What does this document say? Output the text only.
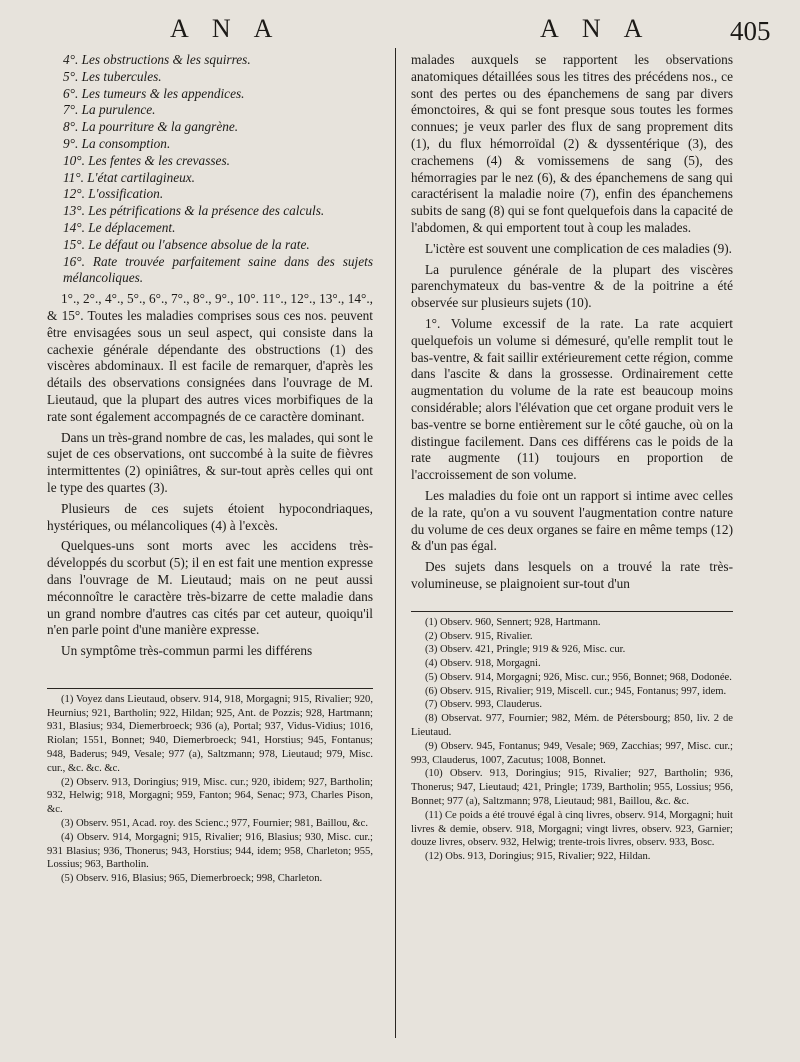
A N A	A N A	405

4°. Les obstructions & les squirres.

5°. Les tubercules.

6°. Les tumeurs & les appendices.

7°. La purulence.

8°. La pourriture & la gangrène.

9°. La consomption.

10°. Les fentes & les crevasses.

11°. L'état cartilagineux.

12°. L'ossification.

13°. Les pétrifications & la présence des calculs.

14°. Le déplacement.

15°. Le défaut ou l'absence absolue de la rate.

16°. Rate trouvée parfaitement saine dans des sujets mélancoliques.

1°., 2°., 4°., 5°., 6°., 7°., 8°., 9°., 10°. 11°., 12°., 13°., 14°., & 15°. Toutes les maladies comprises sous ces nos. peuvent être envisagées sous un seul aspect, qui consiste dans la cachexie générale dépendante des obstructions (1) des viscères abdominaux. Il est facile de remarquer, d'après les détails des observations consignées dans l'ouvrage de M. Lieutaud, que la plupart des autres vices morbifiques de la rate sont également accompagnés de ce caractère dominant.

Dans un très-grand nombre de cas, les malades, qui sont le sujet de ces observations, ont succombé à la suite de fièvres intermittentes (2) opiniâtres, & sur-tout après celles qui ont le type des quartes (3).

Plusieurs de ces sujets étoient hypocondriaques, hystériques, ou mélancoliques (4) à l'excès.

Quelques-uns sont morts avec les accidens très-développés du scorbut (5); il en est fait une mention expresse dans l'ouvrage de M. Lieutaud; mais on ne peut aussi méconnoître le caractère très-bizarre de cette maladie dans un grand nombre d'autres cas cités par cet auteur, quoiqu'il n'en parle point d'une manière expresse.

Un symptôme très-commun parmi les différens

(1) Voyez dans Lieutaud, observ. 914, 918, Morgagni; 915, Rivalier; 920, Heurnius; 921, Bartholin; 922, Hildan; 925, Ant. de Pozzis; 928, Hartmann; 931, Blasius; 934, Diemerbroeck; 936 (a), Portal; 937, Vidus-Vidius; 1016, Riolan; 1551, Bonnet; 940, Diemerbroeck; 941, Horstius; 945, Fontanus; 948, Baderus; 949, Vesale; 977 (a), Saltzmann; 978, Lieutaud; 979, Misc. cur., &c. &c. &c.

(2) Observ. 913, Doringius; 919, Misc. cur.; 920, ibidem; 927, Bartholin; 932, Helwig; 918, Morgagni; 959, Fanton; 964, Senac; 973, Charles Pison, &c.

(3) Observ. 951, Acad. roy. des Scienc.; 977, Fournier; 981, Baillou, &c.

(4) Observ. 914, Morgagni; 915, Rivalier; 916, Blasius; 930, Misc. cur.; 931 Blasius; 936, Thonerus; 943, Horstius; 944, idem; 958, Charleton; 955, Lossius; 963, Bartholin.

(5) Observ. 916, Blasius; 965, Diemerbroeck; 998, Charleton.

malades auxquels se rapportent les observations anatomiques détaillées sous les titres des précédens nos., ce sont des pertes ou des épanchemens de sang par divers émonctoires, & qui se font presque sous toutes les formes connues; je veux parler des flux de sang proprement dits (1), du flux hémorroïdal (2) & dyssentérique (3), des crachemens (4) & vomissemens de sang (5), des hémorragies par le nez (6), & des épanchemens de sang qui caractérisent la maladie noire (7), enfin des épanchemens subits de sang (8) qui se font quelquefois dans la capacité de l'abdomen, & qui emportent tout à coup les malades.

L'ictère est souvent une complication de ces maladies (9).

La purulence générale de la plupart des viscères parenchymateux du bas-ventre & de la poitrine a été observée sur plusieurs sujets (10).

1°. Volume excessif de la rate. La rate acquiert quelquefois un volume si démesuré, qu'elle remplit tout le bas-ventre, & fait saillir extérieurement cette région, comme dans l'ascite & dans la grossesse. Ordinairement cette augmentation du volume de la rate est beaucoup moins considérable; alors l'élévation que cet organe produit vers le bas-ventre se borne entièrement sur le côté gauche, où on la distingue facilement. Dans ces différens cas le poids de la rate augmente (11) toujours en proportion de l'accroissement de son volume.

Les maladies du foie ont un rapport si intime avec celles de la rate, qu'on a vu souvent l'augmentation contre nature du volume de ces deux organes se faire en même temps (12) & d'un pas égal.

Des sujets dans lesquels on a trouvé la rate très-volumineuse, se plaignoient sur-tout d'un

(1) Observ. 960, Sennert; 928, Hartmann.

(2) Observ. 915, Rivalier.

(3) Observ. 421, Pringle; 919 & 926, Misc. cur.

(4) Observ. 918, Morgagni.

(5) Observ. 914, Morgagni; 926, Misc. cur.; 956, Bonnet; 968, Dodonée.

(6) Observ. 915, Rivalier; 919, Miscell. cur.; 945, Fontanus; 997, idem.

(7) Observ. 993, Clauderus.

(8) Observat. 977, Fournier; 982, Mém. de Pétersbourg; 850, liv. 2 de Lieutaud.

(9) Observ. 945, Fontanus; 949, Vesale; 969, Zacchias; 997, Misc. cur.; 993, Clauderus, 1007, Zacutus; 1008, Bonnet.

(10) Observ. 913, Doringius; 915, Rivalier; 927, Bartholin; 936, Thonerus; 947, Lieutaud; 421, Pringle; 1739, Bartholin; 955, Lossius; 956, Bonnet; 977 (a), Saltzmann; 978, Lieutaud; 981, Baillou, &c. &c.

(11) Ce poids a été trouvé égal à cinq livres, observ. 914, Morgagni; huit livres & demie, observ. 918, Morgagni; vingt livres, observ. 923, Garnier; douze livres, observ. 932, Helwig; trente-trois livres, observ. 933, Bosc.

(12) Obs. 913, Doringius; 915, Rivalier; 922, Hildan.
